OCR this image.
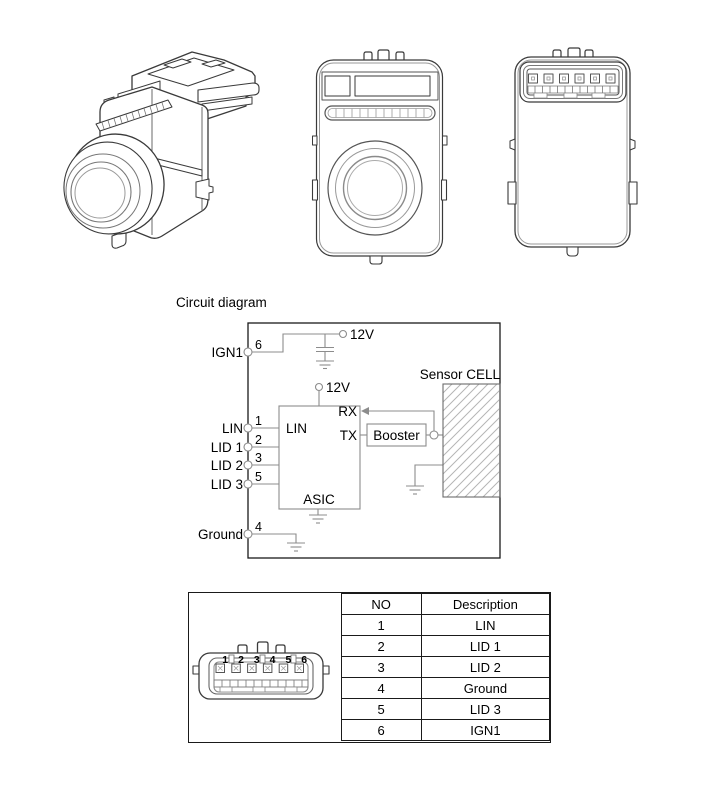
Circuit diagram
IGN1
LIN
LID 1
LID 2
LID 3
Ground
6
1
2
3
5
4
12V
12V
LIN
RX
TX
ASIC
Booster
Sensor CELL
1 2 3 4 5 6
NO	Description
1	LIN
2	LID 1
3	LID 2
4	Ground
5	LID 3
6	IGN1
